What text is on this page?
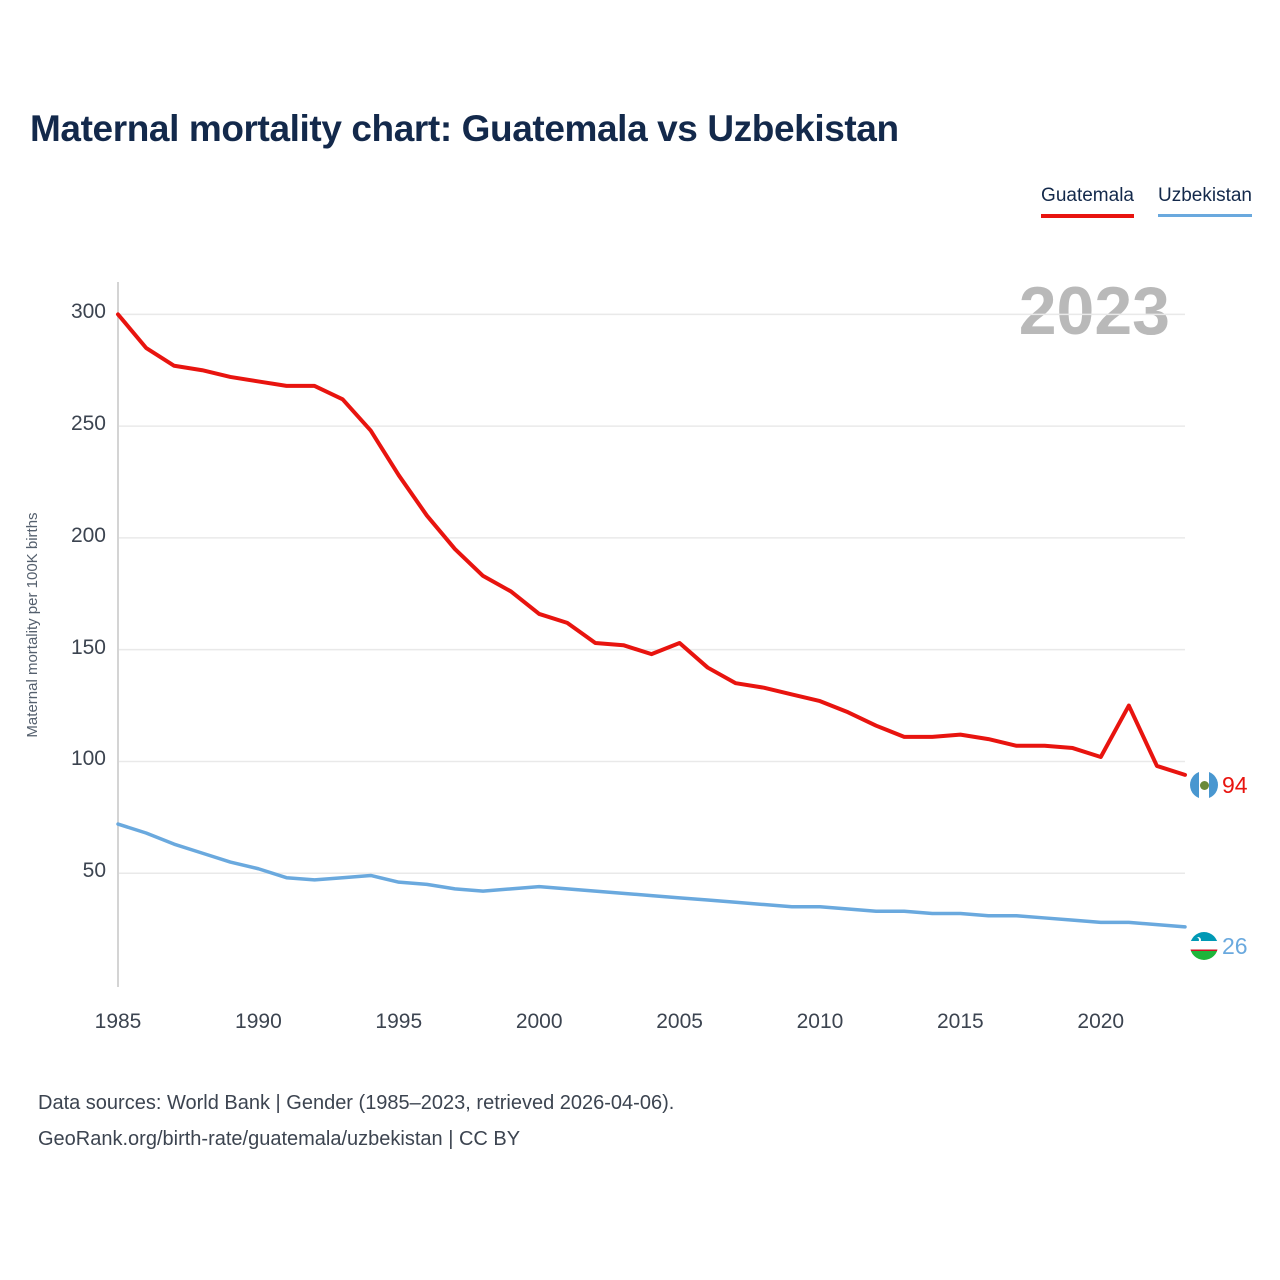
Maternal mortality chart: Guatemala vs Uzbekistan
Guatemala Uzbekistan
2023
Maternal mortality per 100K births
50
100
150
200
250
300
1985	1990	1995	2000	2005	2010	2015	2020
94
26
Data sources: World Bank | Gender (1985–2023, retrieved 2026-04-06).
GeoRank.org/birth-rate/guatemala/uzbekistan | CC BY
